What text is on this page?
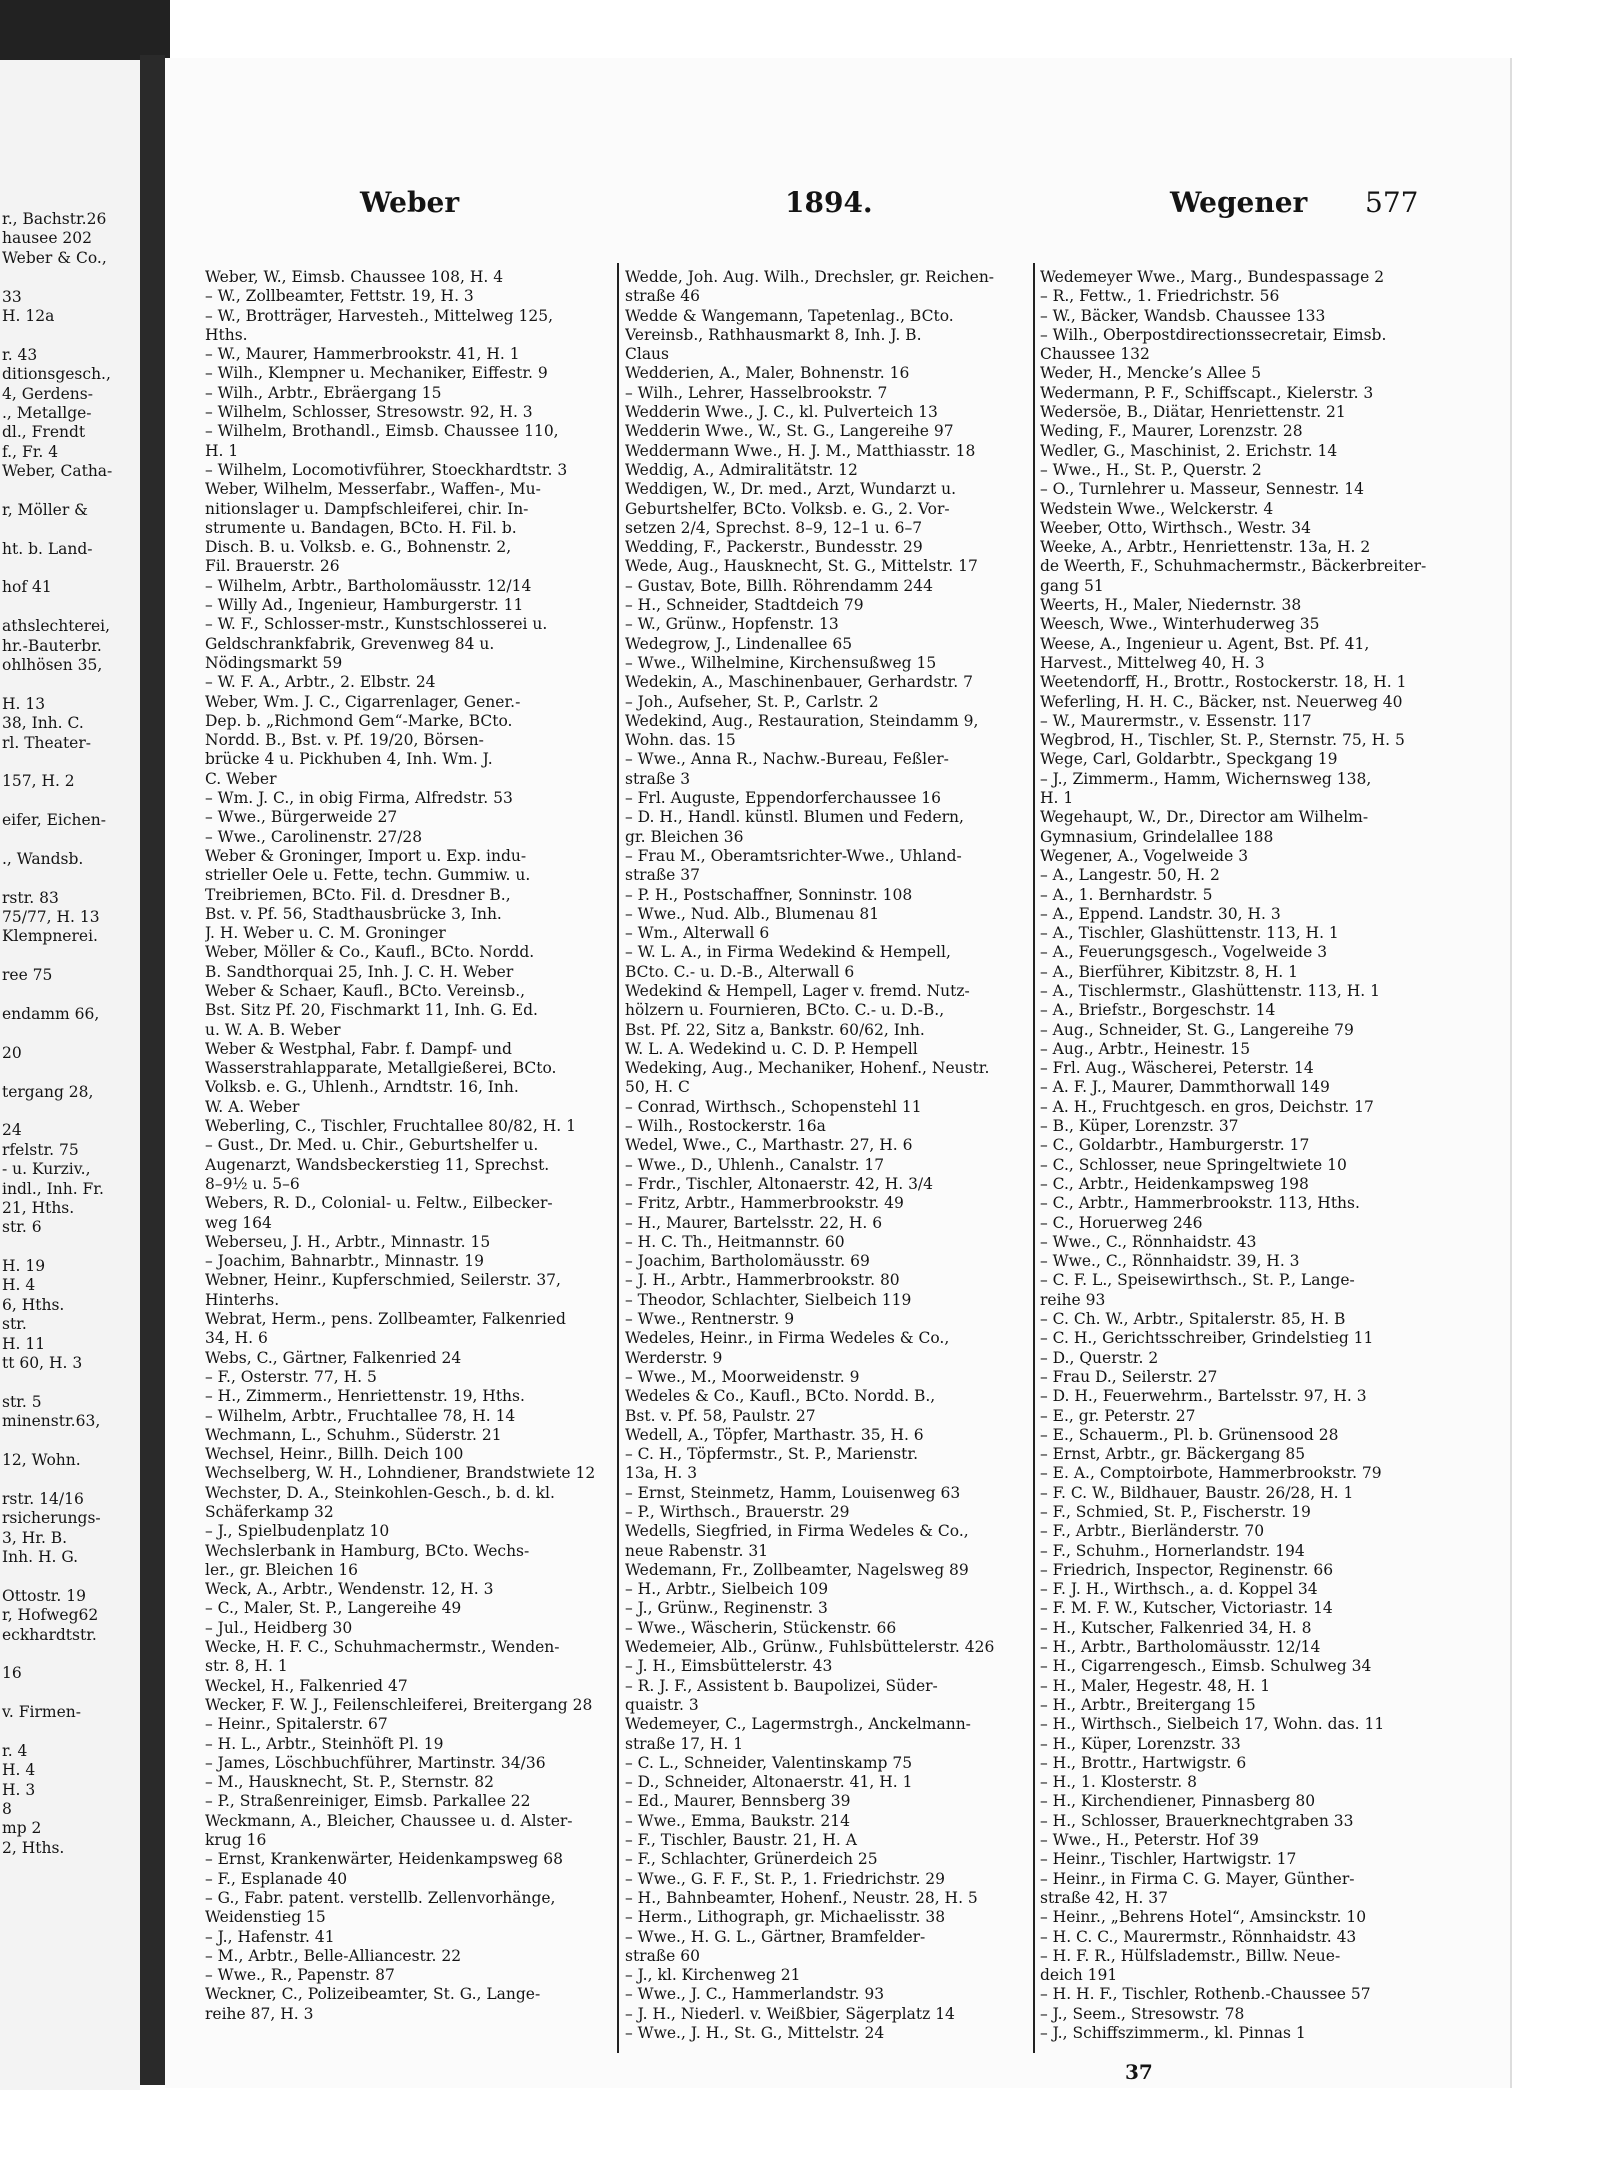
r., Bachstr.26
hausee 202
Weber & Co.,
33
H. 12a
r. 43
ditionsgesch.,
4, Gerdens-
., Metallge-
dl., Frendt
f., Fr. 4
Weber, Catha-
r, Möller &
ht. b. Land-
hof 41
athslechterei,
hr.-Bauterbr.
ohlhösen 35,
H. 13
38, Inh. C.
rl. Theater-
157, H. 2
eifer, Eichen-
., Wandsb.
rstr. 83
75/77, H. 13
Klempnerei.
ree 75
endamm 66,
20
tergang 28,
24
rfelstr. 75
- u. Kurziv.,
indl., Inh. Fr.
21, Hths.
str. 6
H. 19
H. 4
6, Hths.
str.
H. 11
tt 60, H. 3
str. 5
minenstr.63,
12, Wohn.
rstr. 14/16
rsicherungs-
3, Hr. B.
Inh. H. G.
Ottostr. 19
r, Hofweg62
eckhardtstr.
16
v. Firmen-
r. 4
H. 4
H. 3
8
mp 2
2, Hths.
Weber	1894.	Wegener 577
Weber, W., Eimsb. Chaussee 108, H. 4
– W., Zollbeamter, Fettstr. 19, H. 3
– W., Brotträger, Harvesteh., Mittelweg 125,
Hths.
– W., Maurer, Hammerbrookstr. 41, H. 1
– Wilh., Klempner u. Mechaniker, Eiffestr. 9
– Wilh., Arbtr., Ebräergang 15
– Wilhelm, Schlosser, Stresowstr. 92, H. 3
– Wilhelm, Brothandl., Eimsb. Chaussee 110,
H. 1
– Wilhelm, Locomotivführer, Stoeckhardtstr. 3
Weber, Wilhelm, Messerfabr., Waffen-, Mu-
nitionslager u. Dampfschleiferei, chir. In-
strumente u. Bandagen, BCto. H. Fil. b.
Disch. B. u. Volksb. e. G., Bohnenstr. 2,
Fil. Brauerstr. 26
– Wilhelm, Arbtr., Bartholomäusstr. 12/14
– Willy Ad., Ingenieur, Hamburgerstr. 11
– W. F., Schlosser-mstr., Kunstschlosserei u.
Geldschrankfabrik, Grevenweg 84 u.
Nödingsmarkt 59
– W. F. A., Arbtr., 2. Elbstr. 24
Weber, Wm. J. C., Cigarrenlager, Gener.-
Dep. b. „Richmond Gem“-Marke, BCto.
Nordd. B., Bst. v. Pf. 19/20, Börsen-
brücke 4 u. Pickhuben 4, Inh. Wm. J.
C. Weber
– Wm. J. C., in obig Firma, Alfredstr. 53
– Wwe., Bürgerweide 27
– Wwe., Carolinenstr. 27/28
Weber & Groninger, Import u. Exp. indu-
strieller Oele u. Fette, techn. Gummiw. u.
Treibriemen, BCto. Fil. d. Dresdner B.,
Bst. v. Pf. 56, Stadthausbrücke 3, Inh.
J. H. Weber u. C. M. Groninger
Weber, Möller & Co., Kaufl., BCto. Nordd.
B. Sandthorquai 25, Inh. J. C. H. Weber
Weber & Schaer, Kaufl., BCto. Vereinsb.,
Bst. Sitz Pf. 20, Fischmarkt 11, Inh. G. Ed.
u. W. A. B. Weber
Weber & Westphal, Fabr. f. Dampf- und
Wasserstrahlapparate, Metallgießerei, BCto.
Volksb. e. G., Uhlenh., Arndtstr. 16, Inh.
W. A. Weber
Weberling, C., Tischler, Fruchtallee 80/82, H. 1
– Gust., Dr. Med. u. Chir., Geburtshelfer u.
Augenarzt, Wandsbeckerstieg 11, Sprechst.
8–9½ u. 5–6
Webers, R. D., Colonial- u. Feltw., Eilbecker-
weg 164
Weberseu, J. H., Arbtr., Minnastr. 15
– Joachim, Bahnarbtr., Minnastr. 19
Webner, Heinr., Kupferschmied, Seilerstr. 37,
Hinterhs.
Webrat, Herm., pens. Zollbeamter, Falkenried
34, H. 6
Webs, C., Gärtner, Falkenried 24
– F., Osterstr. 77, H. 5
– H., Zimmerm., Henriettenstr. 19, Hths.
– Wilhelm, Arbtr., Fruchtallee 78, H. 14
Wechmann, L., Schuhm., Süderstr. 21
Wechsel, Heinr., Billh. Deich 100
Wechselberg, W. H., Lohndiener, Brandstwiete 12
Wechster, D. A., Steinkohlen-Gesch., b. d. kl.
Schäferkamp 32
– J., Spielbudenplatz 10
Wechslerbank in Hamburg, BCto. Wechs-
ler., gr. Bleichen 16
Weck, A., Arbtr., Wendenstr. 12, H. 3
– C., Maler, St. P., Langereihe 49
– Jul., Heidberg 30
Wecke, H. F. C., Schuhmachermstr., Wenden-
str. 8, H. 1
Weckel, H., Falkenried 47
Wecker, F. W. J., Feilenschleiferei, Breitergang 28
– Heinr., Spitalerstr. 67
– H. L., Arbtr., Steinhöft Pl. 19
– James, Löschbuchführer, Martinstr. 34/36
– M., Hausknecht, St. P., Sternstr. 82
– P., Straßenreiniger, Eimsb. Parkallee 22
Weckmann, A., Bleicher, Chaussee u. d. Alster-
krug 16
– Ernst, Krankenwärter, Heidenkampsweg 68
– F., Esplanade 40
– G., Fabr. patent. verstellb. Zellenvorhänge,
Weidenstieg 15
– J., Hafenstr. 41
– M., Arbtr., Belle-Alliancestr. 22
– Wwe., R., Papenstr. 87
Weckner, C., Polizeibeamter, St. G., Lange-
reihe 87, H. 3
Wedde, Joh. Aug. Wilh., Drechsler, gr. Reichen-
straße 46
Wedde & Wangemann, Tapetenlag., BCto.
Vereinsb., Rathhausmarkt 8, Inh. J. B.
Claus
Wedderien, A., Maler, Bohnenstr. 16
– Wilh., Lehrer, Hasselbrookstr. 7
Wedderin Wwe., J. C., kl. Pulverteich 13
Wedderin Wwe., W., St. G., Langereihe 97
Weddermann Wwe., H. J. M., Matthiasstr. 18
Weddig, A., Admiralitätstr. 12
Weddigen, W., Dr. med., Arzt, Wundarzt u.
Geburtshelfer, BCto. Volksb. e. G., 2. Vor-
setzen 2/4, Sprechst. 8–9, 12–1 u. 6–7
Wedding, F., Packerstr., Bundesstr. 29
Wede, Aug., Hausknecht, St. G., Mittelstr. 17
– Gustav, Bote, Billh. Röhrendamm 244
– H., Schneider, Stadtdeich 79
– W., Grünw., Hopfenstr. 13
Wedegrow, J., Lindenallee 65
– Wwe., Wilhelmine, Kirchensußweg 15
Wedekin, A., Maschinenbauer, Gerhardstr. 7
– Joh., Aufseher, St. P., Carlstr. 2
Wedekind, Aug., Restauration, Steindamm 9,
Wohn. das. 15
– Wwe., Anna R., Nachw.-Bureau, Feßler-
straße 3
– Frl. Auguste, Eppendorferchaussee 16
– D. H., Handl. künstl. Blumen und Federn,
gr. Bleichen 36
– Frau M., Oberamtsrichter-Wwe., Uhland-
straße 37
– P. H., Postschaffner, Sonninstr. 108
– Wwe., Nud. Alb., Blumenau 81
– Wm., Alterwall 6
– W. L. A., in Firma Wedekind & Hempell,
BCto. C.- u. D.-B., Alterwall 6
Wedekind & Hempell, Lager v. fremd. Nutz-
hölzern u. Fournieren, BCto. C.- u. D.-B.,
Bst. Pf. 22, Sitz a, Bankstr. 60/62, Inh.
W. L. A. Wedekind u. C. D. P. Hempell
Wedeking, Aug., Mechaniker, Hohenf., Neustr.
50, H. C
– Conrad, Wirthsch., Schopenstehl 11
– Wilh., Rostockerstr. 16a
Wedel, Wwe., C., Marthastr. 27, H. 6
– Wwe., D., Uhlenh., Canalstr. 17
– Frdr., Tischler, Altonaerstr. 42, H. 3/4
– Fritz, Arbtr., Hammerbrookstr. 49
– H., Maurer, Bartelsstr. 22, H. 6
– H. C. Th., Heitmannstr. 60
– Joachim, Bartholomäusstr. 69
– J. H., Arbtr., Hammerbrookstr. 80
– Theodor, Schlachter, Sielbeich 119
– Wwe., Rentnerstr. 9
Wedeles, Heinr., in Firma Wedeles & Co.,
Werderstr. 9
– Wwe., M., Moorweidenstr. 9
Wedeles & Co., Kaufl., BCto. Nordd. B.,
Bst. v. Pf. 58, Paulstr. 27
Wedell, A., Töpfer, Marthastr. 35, H. 6
– C. H., Töpfermstr., St. P., Marienstr.
13a, H. 3
– Ernst, Steinmetz, Hamm, Louisenweg 63
– P., Wirthsch., Brauerstr. 29
Wedells, Siegfried, in Firma Wedeles & Co.,
neue Rabenstr. 31
Wedemann, Fr., Zollbeamter, Nagelsweg 89
– H., Arbtr., Sielbeich 109
– J., Grünw., Reginenstr. 3
– Wwe., Wäscherin, Stückenstr. 66
Wedemeier, Alb., Grünw., Fuhlsbüttelerstr. 426
– J. H., Eimsbüttelerstr. 43
– R. J. F., Assistent b. Baupolizei, Süder-
quaistr. 3
Wedemeyer, C., Lagermstrgh., Anckelmann-
straße 17, H. 1
– C. L., Schneider, Valentinskamp 75
– D., Schneider, Altonaerstr. 41, H. 1
– Ed., Maurer, Bennsberg 39
– Wwe., Emma, Baukstr. 214
– F., Tischler, Baustr. 21, H. A
– F., Schlachter, Grünerdeich 25
– Wwe., G. F. F., St. P., 1. Friedrichstr. 29
– H., Bahnbeamter, Hohenf., Neustr. 28, H. 5
– Herm., Lithograph, gr. Michaelisstr. 38
– Wwe., H. G. L., Gärtner, Bramfelder-
straße 60
– J., kl. Kirchenweg 21
– Wwe., J. C., Hammerlandstr. 93
– J. H., Niederl. v. Weißbier, Sägerplatz 14
– Wwe., J. H., St. G., Mittelstr. 24
Wedemeyer Wwe., Marg., Bundespassage 2
– R., Fettw., 1. Friedrichstr. 56
– W., Bäcker, Wandsb. Chaussee 133
– Wilh., Oberpostdirectionssecretair, Eimsb.
Chaussee 132
Weder, H., Mencke’s Allee 5
Wedermann, P. F., Schiffscapt., Kielerstr. 3
Wedersöe, B., Diätar, Henriettenstr. 21
Weding, F., Maurer, Lorenzstr. 28
Wedler, G., Maschinist, 2. Erichstr. 14
– Wwe., H., St. P., Querstr. 2
– O., Turnlehrer u. Masseur, Sennestr. 14
Wedstein Wwe., Welckerstr. 4
Weeber, Otto, Wirthsch., Westr. 34
Weeke, A., Arbtr., Henriettenstr. 13a, H. 2
de Weerth, F., Schuhmachermstr., Bäckerbreiter-
gang 51
Weerts, H., Maler, Niedernstr. 38
Weesch, Wwe., Winterhuderweg 35
Weese, A., Ingenieur u. Agent, Bst. Pf. 41,
Harvest., Mittelweg 40, H. 3
Weetendorff, H., Brottr., Rostockerstr. 18, H. 1
Weferling, H. H. C., Bäcker, nst. Neuerweg 40
– W., Maurermstr., v. Essenstr. 117
Wegbrod, H., Tischler, St. P., Sternstr. 75, H. 5
Wege, Carl, Goldarbtr., Speckgang 19
– J., Zimmerm., Hamm, Wichernsweg 138,
H. 1
Wegehaupt, W., Dr., Director am Wilhelm-
Gymnasium, Grindelallee 188
Wegener, A., Vogelweide 3
– A., Langestr. 50, H. 2
– A., 1. Bernhardstr. 5
– A., Eppend. Landstr. 30, H. 3
– A., Tischler, Glashüttenstr. 113, H. 1
– A., Feuerungsgesch., Vogelweide 3
– A., Bierführer, Kibitzstr. 8, H. 1
– A., Tischlermstr., Glashüttenstr. 113, H. 1
– A., Briefstr., Borgeschstr. 14
– Aug., Schneider, St. G., Langereihe 79
– Aug., Arbtr., Heinestr. 15
– Frl. Aug., Wäscherei, Peterstr. 14
– A. F. J., Maurer, Dammthorwall 149
– A. H., Fruchtgesch. en gros, Deichstr. 17
– B., Küper, Lorenzstr. 37
– C., Goldarbtr., Hamburgerstr. 17
– C., Schlosser, neue Springeltwiete 10
– C., Arbtr., Heidenkampsweg 198
– C., Arbtr., Hammerbrookstr. 113, Hths.
– C., Horuerweg 246
– Wwe., C., Rönnhaidstr. 43
– Wwe., C., Rönnhaidstr. 39, H. 3
– C. F. L., Speisewirthsch., St. P., Lange-
reihe 93
– C. Ch. W., Arbtr., Spitalerstr. 85, H. B
– C. H., Gerichtsschreiber, Grindelstieg 11
– D., Querstr. 2
– Frau D., Seilerstr. 27
– D. H., Feuerwehrm., Bartelsstr. 97, H. 3
– E., gr. Peterstr. 27
– E., Schauerm., Pl. b. Grünensood 28
– Ernst, Arbtr., gr. Bäckergang 85
– E. A., Comptoirbote, Hammerbrookstr. 79
– F. C. W., Bildhauer, Baustr. 26/28, H. 1
– F., Schmied, St. P., Fischerstr. 19
– F., Arbtr., Bierländerstr. 70
– F., Schuhm., Hornerlandstr. 194
– Friedrich, Inspector, Reginenstr. 66
– F. J. H., Wirthsch., a. d. Koppel 34
– F. M. F. W., Kutscher, Victoriastr. 14
– H., Kutscher, Falkenried 34, H. 8
– H., Arbtr., Bartholomäusstr. 12/14
– H., Cigarrengesch., Eimsb. Schulweg 34
– H., Maler, Hegestr. 48, H. 1
– H., Arbtr., Breitergang 15
– H., Wirthsch., Sielbeich 17, Wohn. das. 11
– H., Küper, Lorenzstr. 33
– H., Brottr., Hartwigstr. 6
– H., 1. Klosterstr. 8
– H., Kirchendiener, Pinnasberg 80
– H., Schlosser, Brauerknechtgraben 33
– Wwe., H., Peterstr. Hof 39
– Heinr., Tischler, Hartwigstr. 17
– Heinr., in Firma C. G. Mayer, Günther-
straße 42, H. 37
– Heinr., „Behrens Hotel“, Amsinckstr. 10
– H. C. C., Maurermstr., Rönnhaidstr. 43
– H. F. R., Hülfslademstr., Billw. Neue-
deich 191
– H. H. F., Tischler, Rothenb.-Chaussee 57
– J., Seem., Stresowstr. 78
– J., Schiffszimmerm., kl. Pinnas 1
37
